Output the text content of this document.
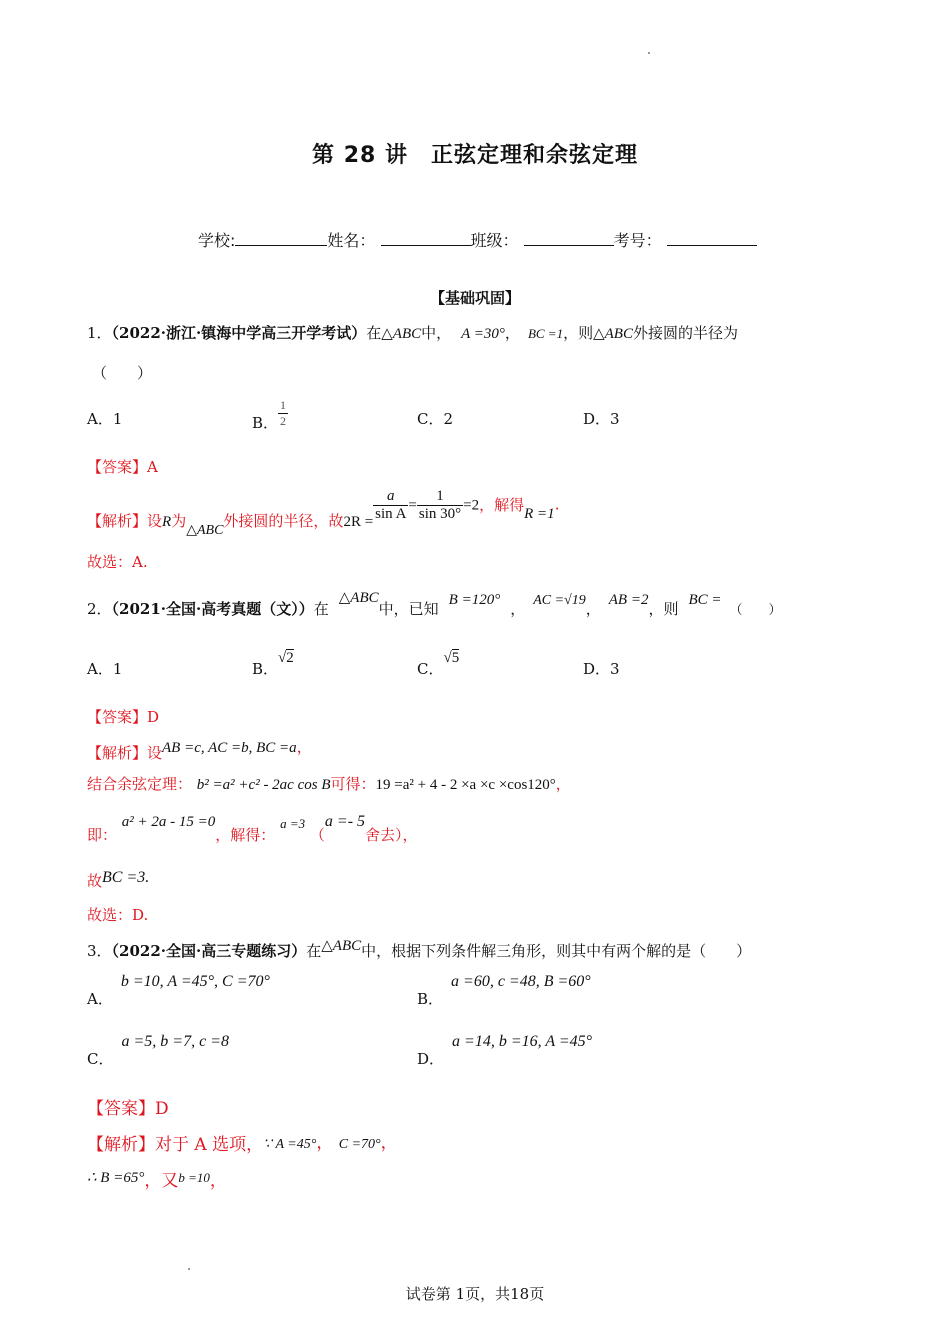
第 28 讲　正弦定理和余弦定理
学校:	姓名：	班级：	考号：
【基础巩固】
1．（2022·浙江·镇海中学高三开学考试）在△ABC中， A =30°， BC =1，则△ABC外接圆的半径为
（　　）
A．1	B． $\frac{1}{2}$	C．2	D．3
【答案】A
【解析】设R为△ABC外接圆的半径，故$2R = \frac{a}{\text{sin A}} = \frac{1}{\sin 30^\circ} =2$，解得R =1.
故选：A.
2．（2021·全国·高考真题（文））在△ABC中，已知 B =120° ， AC =√19， AB =2，则 BC =（　　）
A．1	B．√2
C．√5
D．3
【答案】D
【解析】设AB =c, AC =b, BC =a，
结合余弦定理： b² =a² +c² - 2ac cos B可得：19 =a² + 4 - 2 ×a ×c ×cos120°，
即： a² + 2a - 15 =0，解得： a =3 （a =- 5舍去），
故BC =3.
故选：D.
3．（2022·全国·高三专题练习）在△ABC中，根据下列条件解三角形，则其中有两个解的是（　　）
A．b =10, A =45°, C =70°
B．a =60, c =48, B =60°
C．a =5, b =7, c =8
D．a =14, b =16, A =45°
【答案】D
【解析】对于 A 选项，∵ A =45°， C =70°，
∴ B =65°，又b =10，
试卷第 1页，共18页
